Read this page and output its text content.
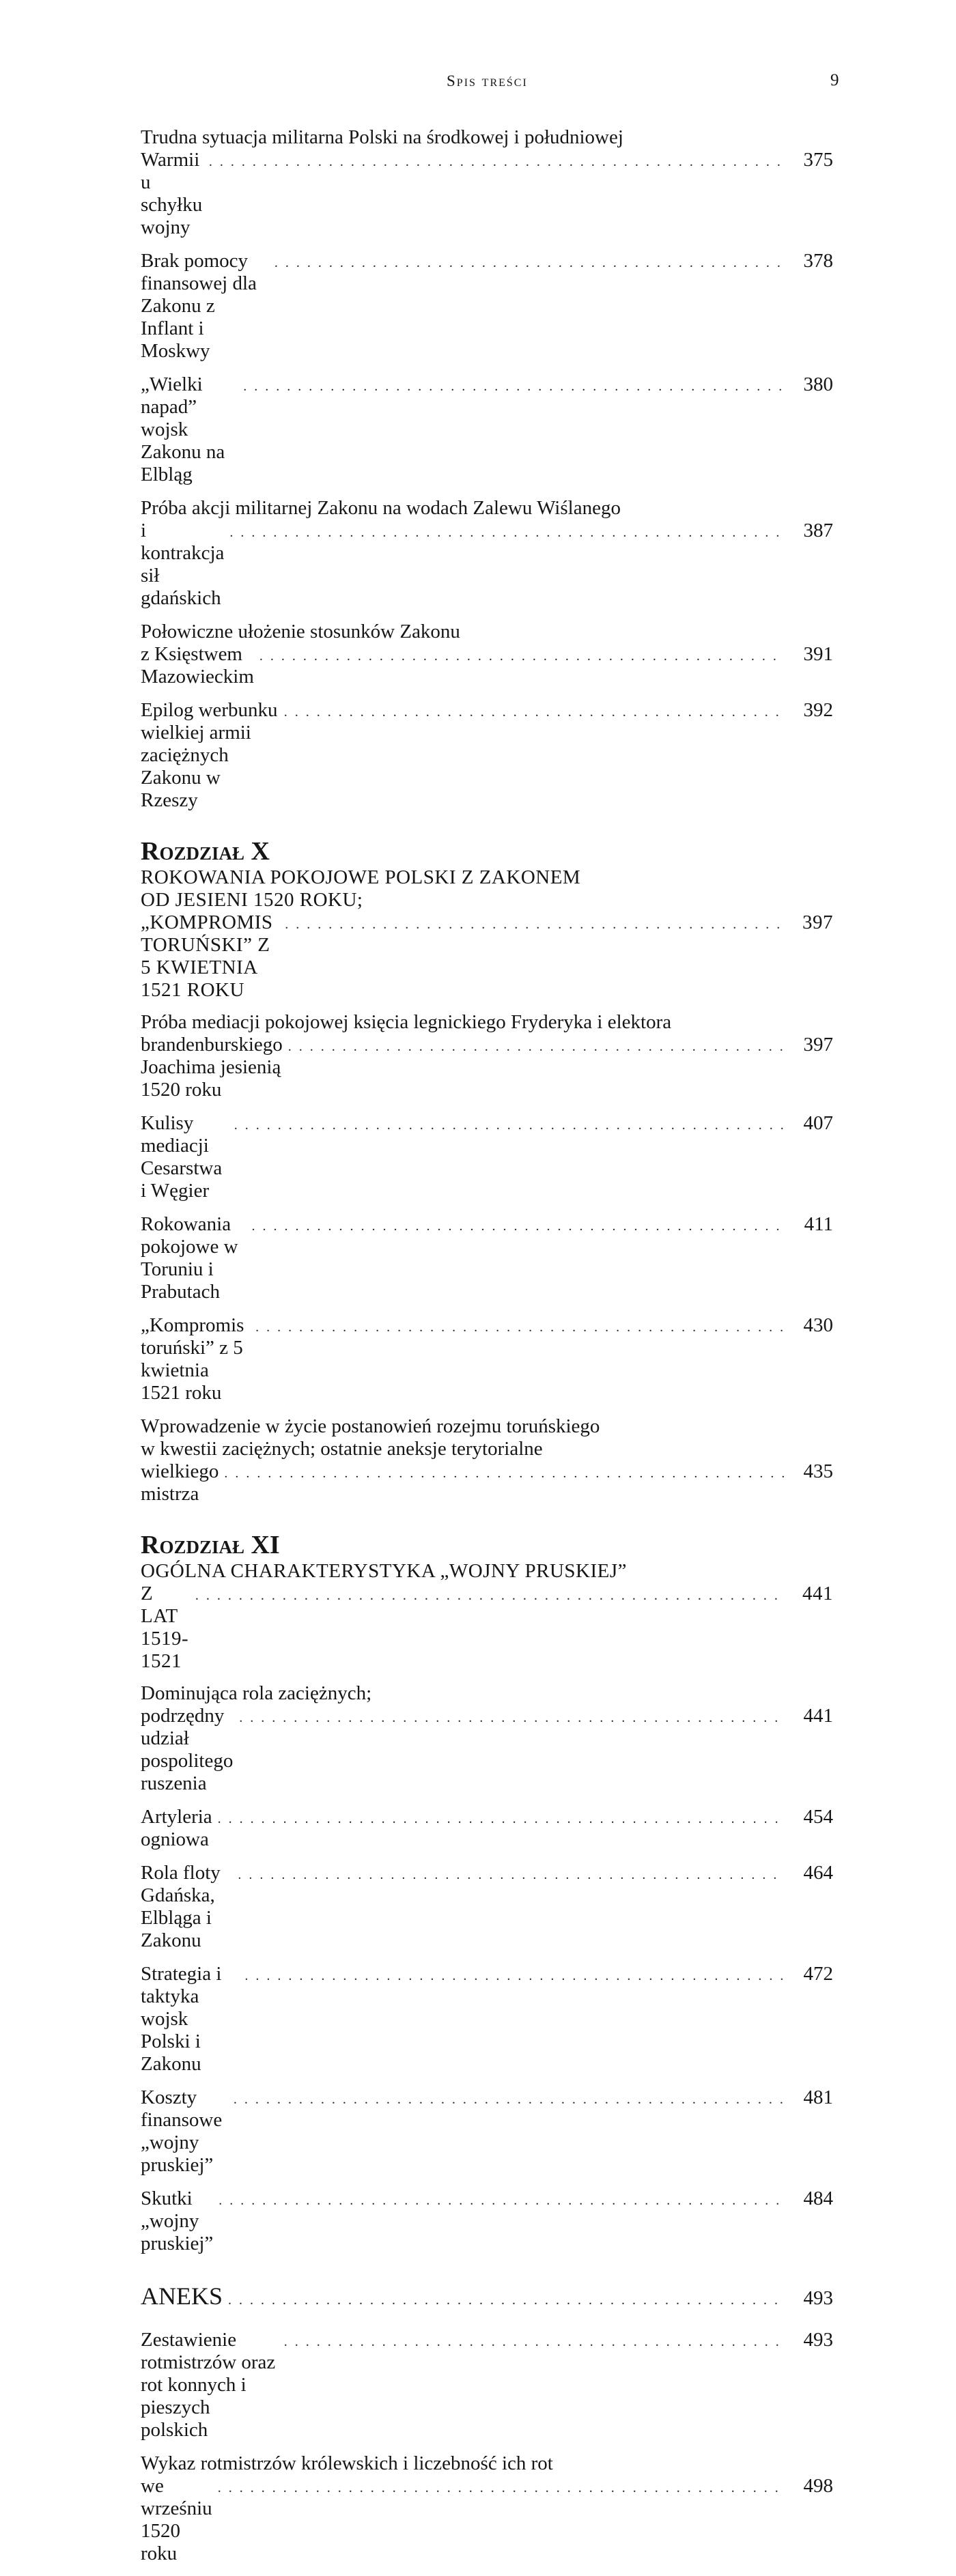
Spis treści	9
Trudna sytuacja militarna Polski na środkowej i południowej
Warmii u schyłku wojny
. . .
375
Brak pomocy finansowej dla Zakonu z Inflant i Moskwy
. . .
378
„Wielki napad” wojsk Zakonu na Elbląg
. . .
380
Próba akcji militarnej Zakonu na wodach Zalewu Wiślanego
i kontrakcja sił gdańskich
. . .
387
Połowiczne ułożenie stosunków Zakonu
z Księstwem Mazowieckim
. . .
391
Epilog werbunku wielkiej armii zaciężnych Zakonu w Rzeszy
. . .
392
Rozdział X
ROKOWANIA POKOJOWE POLSKI Z ZAKONEM
OD JESIENI 1520 ROKU;
„KOMPROMIS TORUŃSKI” Z 5 KWIETNIA 1521 ROKU
. . .
397
Próba mediacji pokojowej księcia legnickiego Fryderyka i elektora
brandenburskiego Joachima jesienią 1520 roku
. . .
397
Kulisy mediacji Cesarstwa i Węgier
. . .
407
Rokowania pokojowe w Toruniu i Prabutach
. . .
411
„Kompromis toruński” z 5 kwietnia 1521 roku
. . .
430
Wprowadzenie w życie postanowień rozejmu toruńskiego
w kwestii zaciężnych; ostatnie aneksje terytorialne
wielkiego mistrza
. . .
435
Rozdział XI
OGÓLNA CHARAKTERYSTYKA „WOJNY PRUSKIEJ”
Z LAT 1519-1521
. . .
441
Dominująca rola zaciężnych;
podrzędny udział pospolitego ruszenia
. . .
441
Artyleria ogniowa
. . .
454
Rola floty Gdańska, Elbląga i Zakonu
. . .
464
Strategia i taktyka wojsk Polski i Zakonu
. . .
472
Koszty finansowe „wojny pruskiej”
. . .
481
Skutki „wojny pruskiej”
. . .
484
ANEKS
. . .	493
Zestawienie rotmistrzów oraz rot konnych i pieszych polskich
. . .
493
Wykaz rotmistrzów królewskich i liczebność ich rot
we wrześniu 1520 roku
. . .
498
